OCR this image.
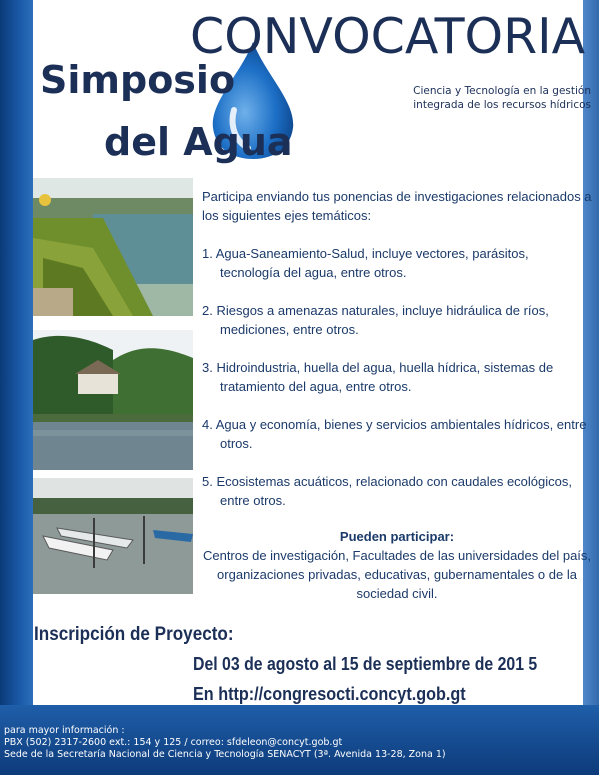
CONVOCATORIA
Simposio
del Agua
Ciencia y Tecnología en la gestión
integrada de los recursos hídricos
Participa enviando tus ponencias de investigaciones relacionados a los siguientes ejes temáticos:
1. Agua-Saneamiento-Salud, incluye vectores, parásitos, tecnología del agua, entre otros.
2. Riesgos a amenazas naturales, incluye hidráulica de ríos, mediciones, entre otros.
3. Hidroindustria, huella del agua, huella hídrica, sistemas de tratamiento del agua, entre otros.
4. Agua y economía, bienes y servicios ambientales hídricos, entre otros.
5. Ecosistemas acuáticos, relacionado con caudales ecológicos, entre otros.
Pueden participar:
Centros de investigación, Facultades de las universidades del país, organizaciones privadas, educativas, gubernamentales o de la sociedad civil.
Inscripción de Proyecto:
Del 03 de agosto al 15 de septiembre de 201 5
En http://congresocti.concyt.gob.gt
para mayor información :
PBX (502) 2317-2600 ext.: 154 y 125 / correo: sfdeleon@concyt.gob.gt
Sede de la Secretaría Nacional de Ciencia y Tecnología SENACYT (3ª. Avenida 13-28, Zona 1)
